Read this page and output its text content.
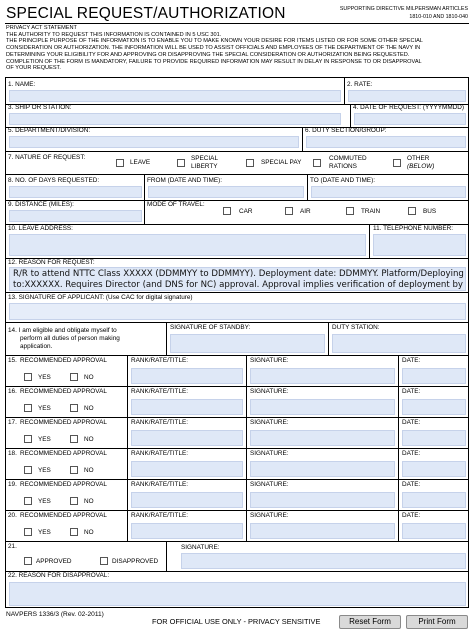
SPECIAL REQUEST/AUTHORIZATION	SUPPORTING DIRECTIVE MILPERSMAN ARTICLES
1810-010 AND 1810-040
PRIVACY ACT STATEMENT
THE AUTHORITY TO REQUEST THIS INFORMATION IS CONTAINED IN 5 USC 301.
THE PRINCIPLE PURPOSE OF THE INFORMATION IS TO ENABLE YOU TO MAKE KNOWN YOUR DESIRE FOR ITEMS LISTED OR FOR SOME OTHER SPECIAL
CONSIDERATION OR AUTHORIZATION. THE INFORMATION WILL BE USED TO ASSIST OFFICIALS AND EMPLOYEES OF THE DEPARTMENT OF THE NAVY IN
DETERMINING YOUR ELIGIBILITY FOR AND APPROVING OR DISAPPROVING THE SPECIAL CONSIDERATION OR AUTHORIZATION BEING REQUESTED.
COMPLETION OF THE FORM IS MANDATORY, FAILURE TO PROVIDE REQUIRED INFORMATION MAY RESULT IN DELAY IN RESPONSE TO OR DISAPPROVAL
OF YOUR REQUEST.
1. NAME:	2. RATE:
3. SHIP OR STATION:	4. DATE OF REQUEST: (YYYYMMDD)
5. DEPARTMENT/DIVISION:	6. DUTY SECTION/GROUP:
7. NATURE OF REQUEST:
LEAVE
SPECIAL
LIBERTY
SPECIAL PAY
COMMUTED
RATIONS
OTHER
(BELOW)
8. NO. OF DAYS REQUESTED:	FROM (DATE AND TIME):	TO (DATE AND TIME):
9. DISTANCE (MILES):	MODE OF TRAVEL:
CAR	AIR	TRAIN	BUS
10. LEAVE ADDRESS:	11. TELEPHONE NUMBER:
12. REASON FOR REQUEST:
R/R to attend NTTC Class XXXXX (DDMMYY to DDMMYY). Deployment date: DDMMYY. Platform/Deploying
to:XXXXXX. Requires Director (and DNS for NC) approval. Approval implies verification of deployment by
13. SIGNATURE OF APPLICANT: (Use CAC for digital signature)
14. I am eligible and obligate myself to
perform all duties of person making
application.
SIGNATURE OF STANDBY:	DUTY STATION:
15. RECOMMENDED APPROVAL
YES	NO
RANK/RATE/TITLE:	SIGNATURE:	DATE:
16. RECOMMENDED APPROVAL
YES	NO
RANK/RATE/TITLE:	SIGNATURE:	DATE:
17. RECOMMENDED APPROVAL
YES	NO
RANK/RATE/TITLE:	SIGNATURE:	DATE:
18. RECOMMENDED APPROVAL
YES	NO
RANK/RATE/TITLE:	SIGNATURE:	DATE:
19. RECOMMENDED APPROVAL
YES	NO
RANK/RATE/TITLE:	SIGNATURE:	DATE:
20. RECOMMENDED APPROVAL
YES	NO
RANK/RATE/TITLE:	SIGNATURE:	DATE:
21.
APPROVED	DISAPPROVED
SIGNATURE:
22. REASON FOR DISAPPROVAL:
NAVPERS 1336/3 (Rev. 02-2011)
FOR OFFICIAL USE ONLY - PRIVACY SENSITIVE	Reset Form	Print Form
